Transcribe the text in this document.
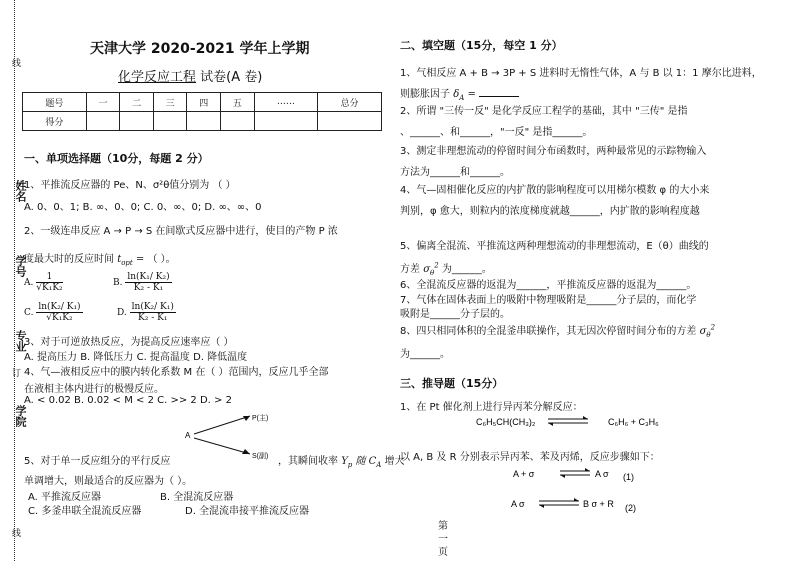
线
姓名
学号
专业
订
学院
线
天津大学 2020-2021 学年上学期
化学反应工程 试卷(A 卷)
题号	一	二	三	四	五	……	总分
得分							
一、单项选择题（10分，每题 2 分）
1、平推流反应器的 Pe、N、σ²θ值分别为 （ ）
A. 0、0、1; B. ∞、0、0; C. 0、∞、0; D. ∞、∞、0
2、一级连串反应 A → P → S 在间歇式反应器中进行，使目的产物 P 浓
度最大时的反应时间 $t_{opt}$ = （ ）。
A. $\frac{1}{\text{√K₁K₂}}$	B. $\frac{\text{ln(K₁/ K₂)}}{\text{K₂ - K₁}}$
C. $\frac{\text{ln(K₂/ K₁)}}{\text{√K₁K₂}}$	D. $\frac{\text{ln(K₂/ K₁)}}{\text{K₂ - K₁}}$
3、对于可逆放热反应，为提高反应速率应（ ）
A. 提高压力 B. 降低压力 C. 提高温度 D. 降低温度
4、气—液相反应中的膜内转化系数 M 在（ ）范围内，反应几乎全部
在液相主体内进行的极慢反应。
A. < 0.02 B. 0.02 < M < 2 C. >> 2 D. > 2
A
P(主)
S(副)
5、对于单一反应组分的平行反应	，其瞬间收率 $Y_p$ 随 $C_A$ 增大
单调增大，则最适合的反应器为（ ）。
A. 平推流反应器	B. 全混流反应器
C. 多釜串联全混流反应器	D. 全混流串接平推流反应器
第
一
页
二、填空题（15分，每空 1 分）
1、气相反应 A + B → 3P + S 进料时无惰性气体，A 与 B 以 1：1 摩尔比进料，
则膨胀因子 $\delta_A$ =
2、所谓 "三传一反" 是化学反应工程学的基础，其中 "三传" 是指
、______、和______，"一反" 是指______。
3、测定非理想流动的停留时间分布函数时，两种最常见的示踪物输入
方法为______和______。
4、气—固相催化反应的内扩散的影响程度可以用梯尔模数 φ 的大小来
判别，φ 愈大，则粒内的浓度梯度就越______，内扩散的影响程度越
5、偏离全混流、平推流这两种理想流动的非理想流动，E（θ）曲线的
方差 $\sigma_\theta^2$ 为______。
6、全混流反应器的返混为______，平推流反应器的返混为______。
7、气体在固体表面上的吸附中物理吸附是______分子层的，而化学
吸附是______分子层的。
8、四只相同体积的全混釜串联操作，其无因次停留时间分布的方差 $\sigma_\theta^2$
为______。
三、推导题（15分）
1、在 Pt 催化剂上进行异丙苯分解反应：
C₆H₅CH(CH₃)₂	C₆H₆ + C₃H₆
以 A, B 及 R 分别表示异丙苯、苯及丙烯，反应步骤如下：
A + σ	A σ (1)
A σ	B σ + R (2)
